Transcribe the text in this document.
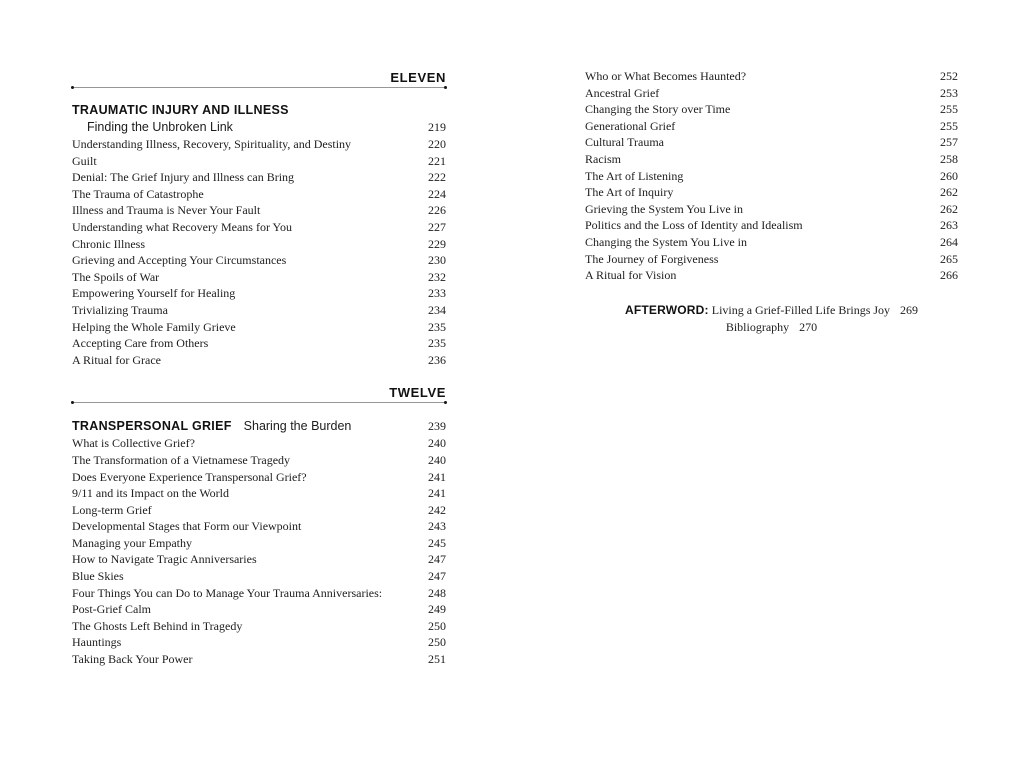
ELEVEN
TRAUMATIC INJURY AND ILLNESS
Finding the Unbroken Link	219
Understanding Illness, Recovery, Spirituality, and Destiny	220
Guilt	221
Denial: The Grief Injury and Illness can Bring	222
The Trauma of Catastrophe	224
Illness and Trauma is Never Your Fault	226
Understanding what Recovery Means for You	227
Chronic Illness	229
Grieving and Accepting Your Circumstances	230
The Spoils of War	232
Empowering Yourself for Healing	233
Trivializing Trauma	234
Helping the Whole Family Grieve	235
Accepting Care from Others	235
A Ritual for Grace	236
TWELVE
TRANSPERSONAL GRIEF Sharing the Burden	239
What is Collective Grief?	240
The Transformation of a Vietnamese Tragedy	240
Does Everyone Experience Transpersonal Grief?	241
9/11 and its Impact on the World	241
Long-term Grief	242
Developmental Stages that Form our Viewpoint	243
Managing your Empathy	245
How to Navigate Tragic Anniversaries	247
Blue Skies	247
Four Things You can Do to Manage Your Trauma Anniversaries:	248
Post-Grief Calm	249
The Ghosts Left Behind in Tragedy	250
Hauntings	250
Taking Back Your Power	251
Who or What Becomes Haunted?	252
Ancestral Grief	253
Changing the Story over Time	255
Generational Grief	255
Cultural Trauma	257
Racism	258
The Art of Listening	260
The Art of Inquiry	262
Grieving the System You Live in	262
Politics and the Loss of Identity and Idealism	263
Changing the System You Live in	264
The Journey of Forgiveness	265
A Ritual for Vision	266
AFTERWORD: Living a Grief-Filled Life Brings Joy 269
Bibliography 270
